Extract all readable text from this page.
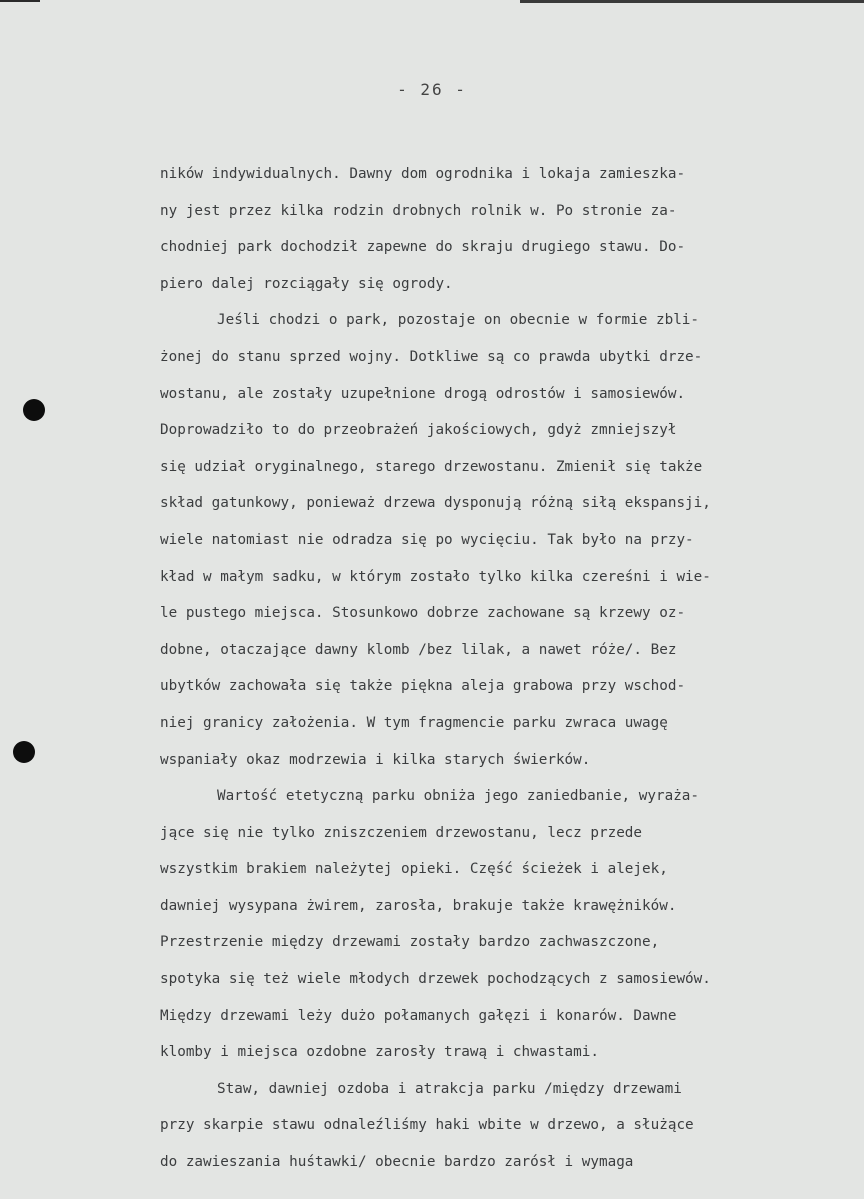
- 26 -
ników indywidualnych. Dawny dom ogrodnika i lokaja zamieszka-
ny jest przez kilka rodzin drobnych rolnik w. Po stronie za-
chodniej park dochodził zapewne do skraju drugiego stawu. Do-
piero dalej rozciągały się ogrody.
Jeśli chodzi o park, pozostaje on obecnie w formie zbli-
żonej do stanu sprzed wojny. Dotkliwe są co prawda ubytki drze-
wostanu, ale zostały uzupełnione drogą odrostów i samosiewów.
Doprowadziło to do przeobrażeń jakościowych, gdyż zmniejszył
się udział oryginalnego, starego drzewostanu. Zmienił się także
skład gatunkowy, ponieważ drzewa dysponują różną siłą ekspansji,
wiele natomiast nie odradza się po wycięciu. Tak było na przy-
kład w małym sadku, w którym zostało tylko kilka czereśni i wie-
le pustego miejsca. Stosunkowo dobrze zachowane są krzewy oz-
dobne, otaczające dawny klomb /bez lilak, a nawet róże/. Bez
ubytków zachowała się także piękna aleja grabowa przy wschod-
niej granicy założenia. W tym fragmencie parku zwraca uwagę
wspaniały okaz modrzewia i kilka starych świerków.
Wartość etetyczną parku obniża jego zaniedbanie, wyraża-
jące się nie tylko zniszczeniem drzewostanu, lecz przede
wszystkim brakiem należytej opieki. Część ścieżek i alejek,
dawniej wysypana żwirem, zarosła, brakuje także krawężników.
Przestrzenie między drzewami zostały bardzo zachwaszczone,
spotyka się też wiele młodych drzewek pochodzących z samosiewów.
Między drzewami leży dużo połamanych gałęzi i konarów. Dawne
klomby i miejsca ozdobne zarosły trawą i chwastami.
Staw, dawniej ozdoba i atrakcja parku /między drzewami
przy skarpie stawu odnaleźliśmy haki wbite w drzewo, a służące
do zawieszania huśtawki/ obecnie bardzo zarósł i wymaga
